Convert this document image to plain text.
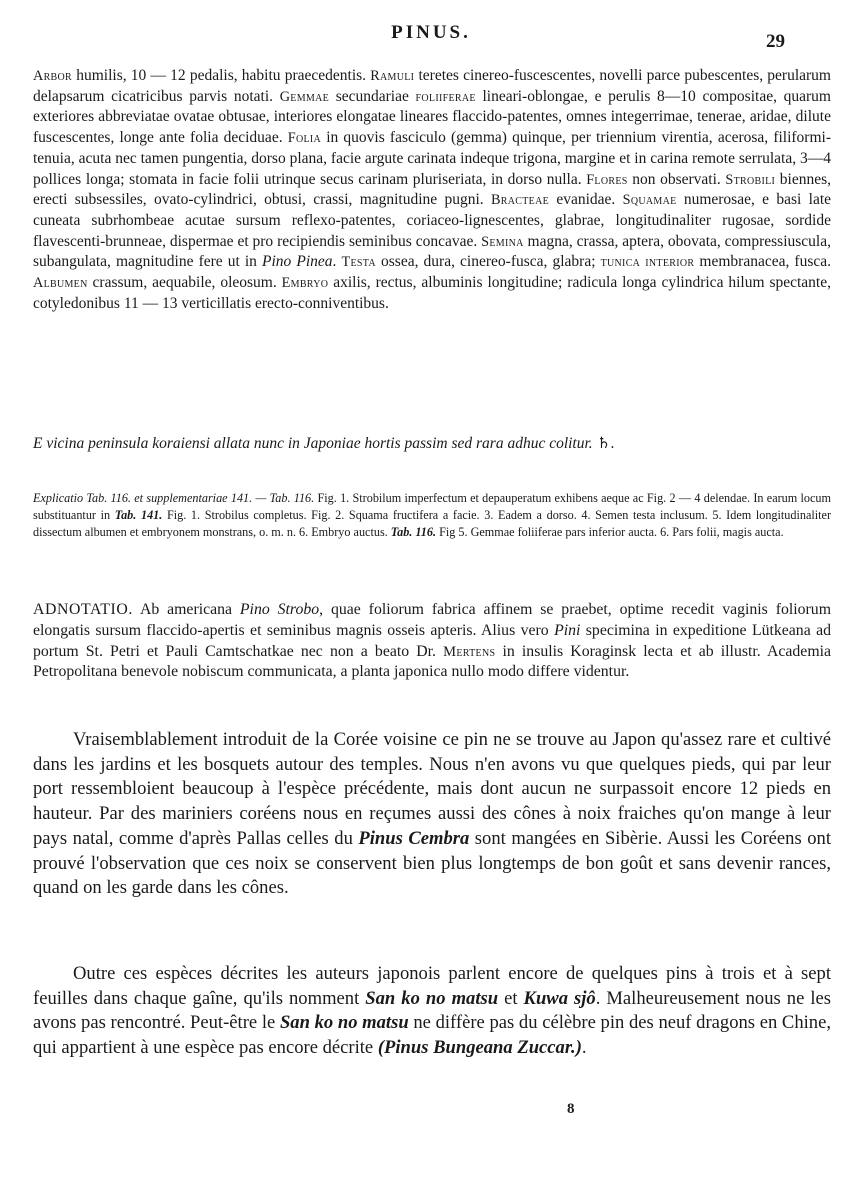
PINUS.	29

Arbor humilis, 10 — 12 pedalis, habitu praecedentis. Ramuli teretes cinereo-fuscescentes, novelli parce pubescentes, perularum delapsarum cicatricibus parvis notati. Gemmae secundariae foliiferae lineari-oblongae, e perulis 8—10 compositae, quarum exteriores abbreviatae ovatae obtusae, interiores elongatae lineares flaccido-patentes, omnes integerrimae, tenerae, aridae, dilute fuscescentes, longe ante folia deciduae. Folia in quovis fasciculo (gemma) quinque, per triennium virentia, acerosa, filiformi-tenuia, acuta nec tamen pungentia, dorso plana, facie argute carinata indeque trigona, margine et in carina remote serrulata, 3—4 pollices longa; stomata in facie folii utrinque secus carinam pluriseriata, in dorso nulla. Flores non observati. Strobili biennes, erecti subsessiles, ovato-cylindrici, obtusi, crassi, magnitudine pugni. Bracteae evanidae. Squamae numerosae, e basi late cuneata subrhombeae acutae sursum reflexo-patentes, coriaceo-lignescentes, glabrae, longitudinaliter rugosae, sordide flavescenti-brunneae, dispermae et pro recipiendis seminibus concavae. Semina magna, crassa, aptera, obovata, compressiuscula, subangulata, magnitudine fere ut in Pino Pinea. Testa ossea, dura, cinereo-fusca, glabra; tunica interior membranacea, fusca. Albumen crassum, aequabile, oleosum. Embryo axilis, rectus, albuminis longitudine; radicula longa cylindrica hilum spectante, cotyledonibus 11 — 13 verticillatis erecto-conniventibus.

E vicina peninsula koraiensi allata nunc in Japoniae hortis passim sed rara adhuc colitur. ♄.

Explicatio Tab. 116. et supplementariae 141. — Tab. 116. Fig. 1. Strobilum imperfectum et depauperatum exhibens aeque ac Fig. 2 — 4 delendae. In earum locum substituantur in Tab. 141. Fig. 1. Strobilus completus. Fig. 2. Squama fructifera a facie. 3. Eadem a dorso. 4. Semen testa inclusum. 5. Idem longitudinaliter dissectum albumen et embryonem monstrans, o. m. n. 6. Embryo auctus. Tab. 116. Fig 5. Gemmae foliiferae pars inferior aucta. 6. Pars folii, magis aucta.

ADNOTATIO. Ab americana Pino Strobo, quae foliorum fabrica affinem se praebet, optime recedit vaginis foliorum elongatis sursum flaccido-apertis et seminibus magnis osseis apteris. Alius vero Pini specimina in expeditione Lütkeana ad portum St. Petri et Pauli Camtschatkae nec non a beato Dr. Mertens in insulis Koraginsk lecta et ab illustr. Academia Petropolitana benevole nobiscum communicata, a planta japonica nullo modo differe videntur.

Vraisemblablement introduit de la Corée voisine ce pin ne se trouve au Japon qu'assez rare et cultivé dans les jardins et les bosquets autour des temples. Nous n'en avons vu que quelques pieds, qui par leur port ressembloient beaucoup à l'espèce précédente, mais dont aucun ne surpassoit encore 12 pieds en hauteur. Par des mariniers coréens nous en reçumes aussi des cônes à noix fraiches qu'on mange à leur pays natal, comme d'après Pallas celles du Pinus Cembra sont mangées en Sibèrie. Aussi les Coréens ont prouvé l'observation que ces noix se conservent bien plus longtemps de bon goût et sans devenir rances, quand on les garde dans les cônes.

Outre ces espèces décrites les auteurs japonois parlent encore de quelques pins à trois et à sept feuilles dans chaque gaîne, qu'ils nomment San ko no matsu et Kuwa sjô. Malheureusement nous ne les avons pas rencontré. Peut-être le San ko no matsu ne diffère pas du célèbre pin des neuf dragons en Chine, qui appartient à une espèce pas encore décrite (Pinus Bungeana Zuccar.).

8
